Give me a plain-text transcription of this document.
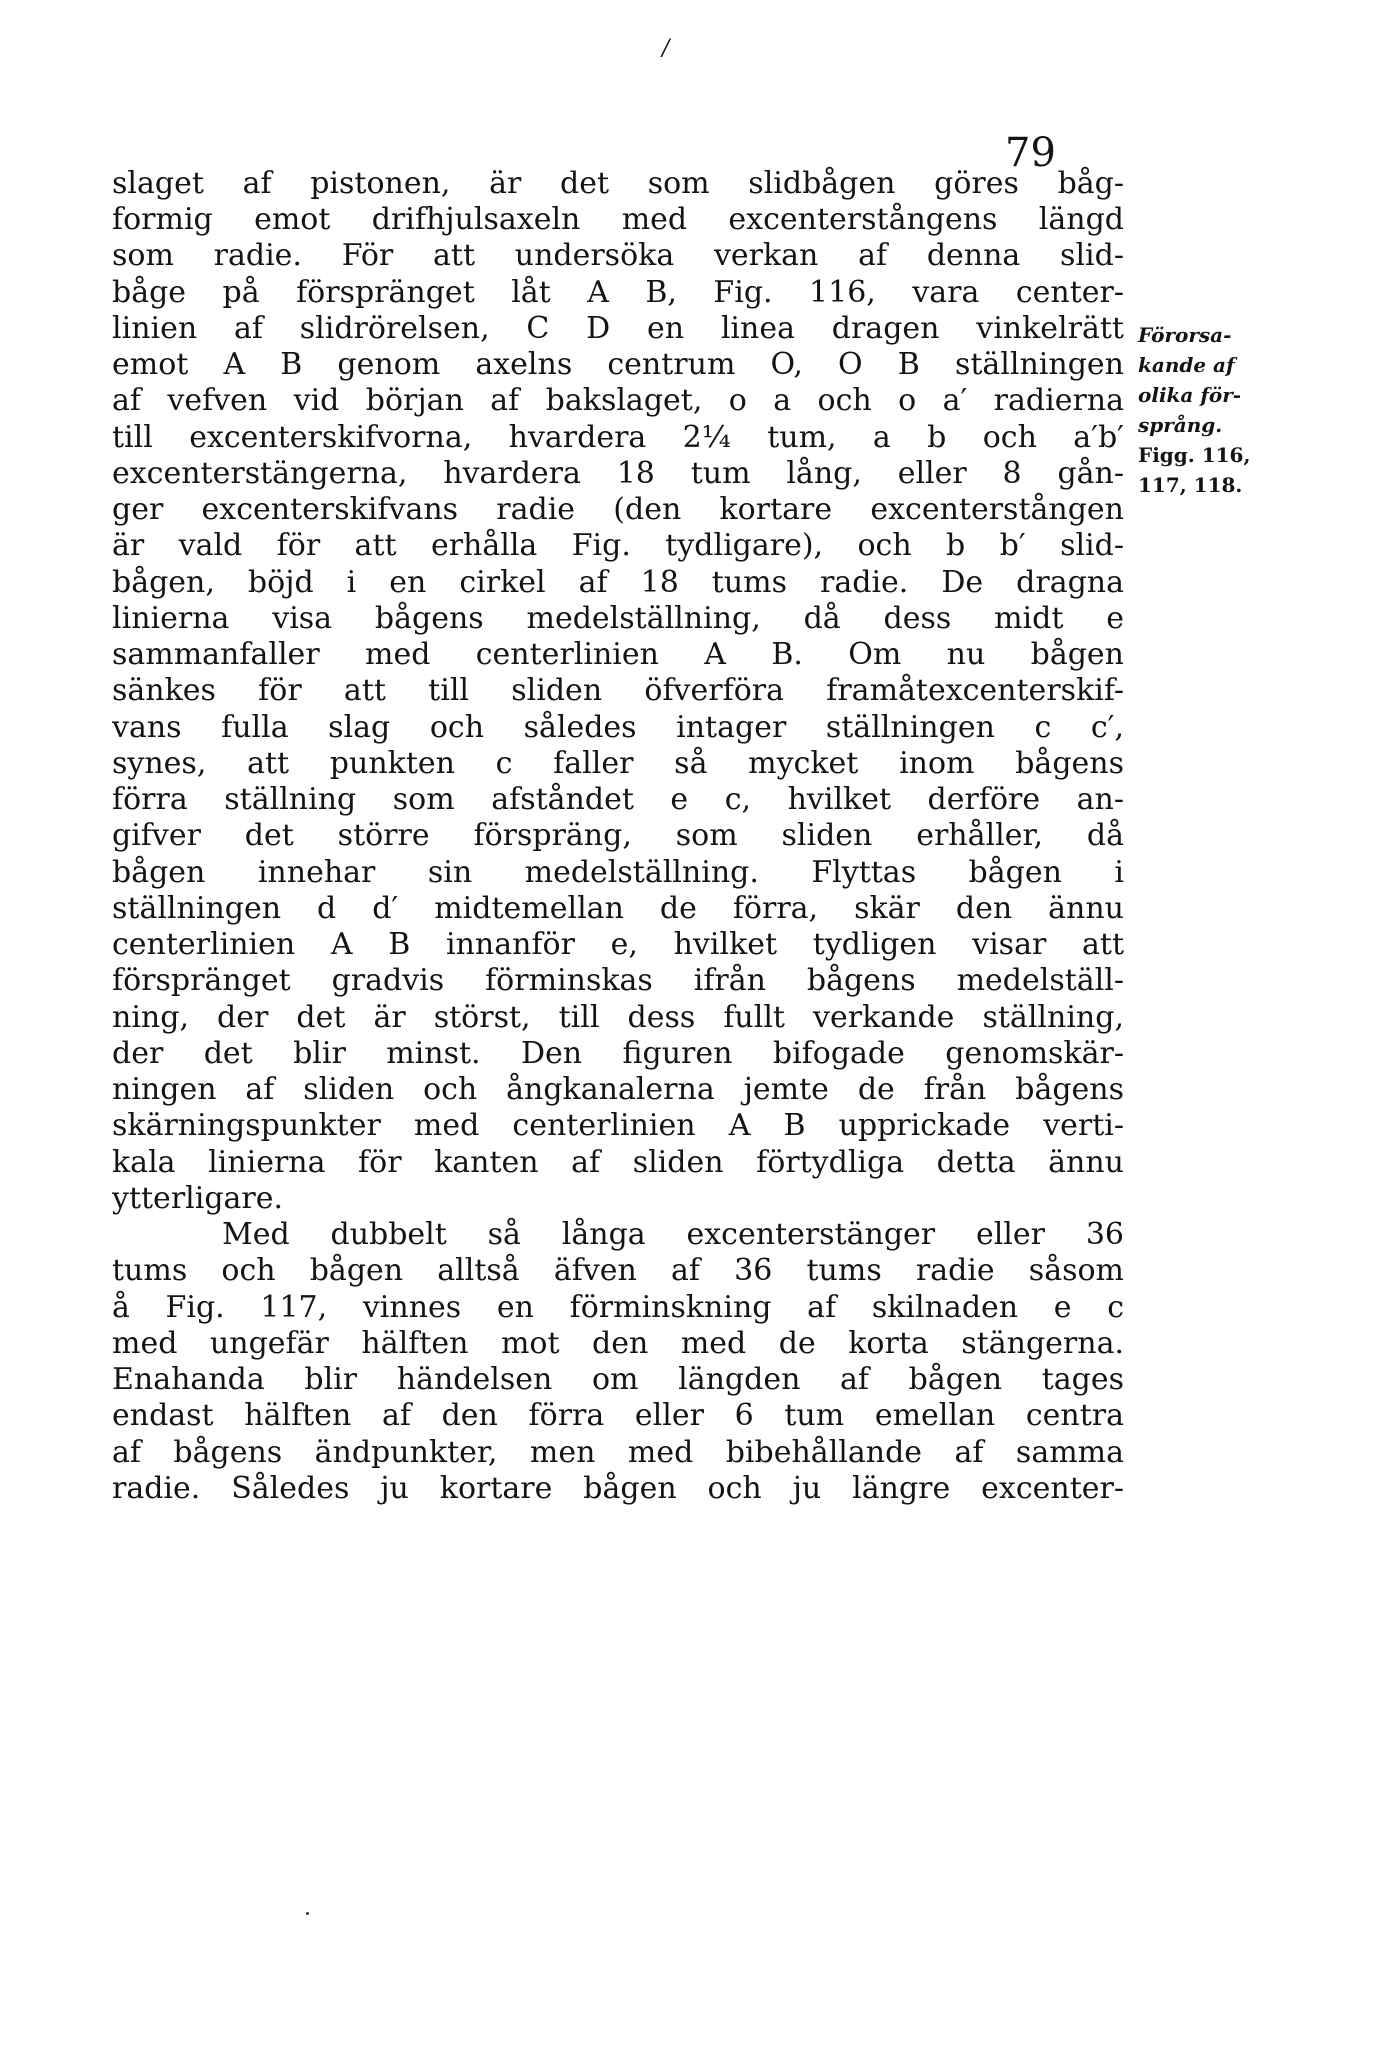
/
79
slaget af pistonen, är det som slidbågen göres båg-
formig emot drifhjulsaxeln med excenterstångens längd
som radie. För att undersöka verkan af denna slid-
båge på förspränget låt A B, Fig. 116, vara center-
linien af slidrörelsen, C D en linea dragen vinkelrätt
emot A B genom axelns centrum O, O B ställningen
af vefven vid början af bakslaget, o a och o a′ radierna
till excenterskifvorna, hvardera 2¼ tum, a b och a′b′
excenterstängerna, hvardera 18 tum lång, eller 8 gån-
ger excenterskifvans radie (den kortare excenterstången
är vald för att erhålla Fig. tydligare), och b b′ slid-
bågen, böjd i en cirkel af 18 tums radie. De dragna
linierna visa bågens medelställning, då dess midt e
sammanfaller med centerlinien A B. Om nu bågen
sänkes för att till sliden öfverföra framåtexcenterskif-
vans fulla slag och således intager ställningen c c′,
synes, att punkten c faller så mycket inom bågens
förra ställning som afståndet e c, hvilket derföre an-
gifver det större förspräng, som sliden erhåller, då
bågen innehar sin medelställning. Flyttas bågen i
ställningen d d′ midtemellan de förra, skär den ännu
centerlinien A B innanför e, hvilket tydligen visar att
förspränget gradvis förminskas ifrån bågens medelställ-
ning, der det är störst, till dess fullt verkande ställning,
der det blir minst. Den figuren bifogade genomskär-
ningen af sliden och ångkanalerna jemte de från bågens
skärningspunkter med centerlinien A B upprickade verti-
kala linierna för kanten af sliden förtydliga detta ännu
ytterligare.
Med dubbelt så långa excenterstänger eller 36
tums och bågen alltså äfven af 36 tums radie såsom
å Fig. 117, vinnes en förminskning af skilnaden e c
med ungefär hälften mot den med de korta stängerna.
Enahanda blir händelsen om längden af bågen tages
endast hälften af den förra eller 6 tum emellan centra
af bågens ändpunkter, men med bibehållande af samma
radie. Således ju kortare bågen och ju längre excenter-
Förorsa-
kande af
olika för-
språng.
Figg. 116,
117, 118.
